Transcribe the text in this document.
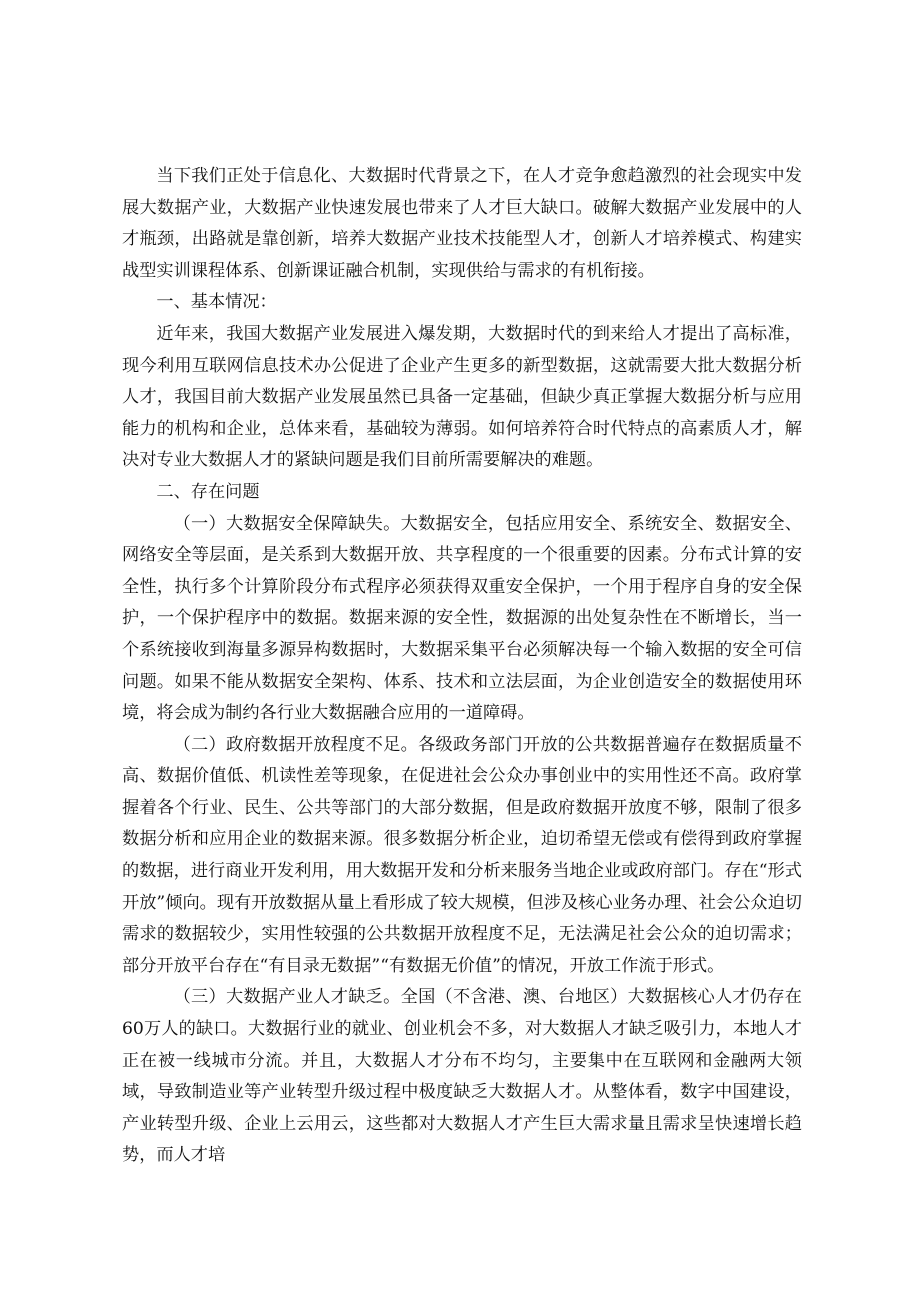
当下我们正处于信息化、大数据时代背景之下，在人才竞争愈趋激烈的社会现实中发展大数据产业，大数据产业快速发展也带来了人才巨大缺口。破解大数据产业发展中的人才瓶颈，出路就是靠创新，培养大数据产业技术技能型人才，创新人才培养模式、构建实战型实训课程体系、创新课证融合机制，实现供给与需求的有机衔接。

一、基本情况：

近年来，我国大数据产业发展进入爆发期，大数据时代的到来给人才提出了高标准，现今利用互联网信息技术办公促进了企业产生更多的新型数据，这就需要大批大数据分析人才，我国目前大数据产业发展虽然已具备一定基础，但缺少真正掌握大数据分析与应用能力的机构和企业，总体来看，基础较为薄弱。如何培养符合时代特点的高素质人才，解决对专业大数据人才的紧缺问题是我们目前所需要解决的难题。

二、存在问题

（一）大数据安全保障缺失。大数据安全，包括应用安全、系统安全、数据安全、网络安全等层面，是关系到大数据开放、共享程度的一个很重要的因素。分布式计算的安全性，执行多个计算阶段分布式程序必须获得双重安全保护，一个用于程序自身的安全保护，一个保护程序中的数据。数据来源的安全性，数据源的出处复杂性在不断增长，当一个系统接收到海量多源异构数据时，大数据采集平台必须解决每一个输入数据的安全可信问题。如果不能从数据安全架构、体系、技术和立法层面，为企业创造安全的数据使用环境，将会成为制约各行业大数据融合应用的一道障碍。

（二）政府数据开放程度不足。各级政务部门开放的公共数据普遍存在数据质量不高、数据价值低、机读性差等现象，在促进社会公众办事创业中的实用性还不高。政府掌握着各个行业、民生、公共等部门的大部分数据，但是政府数据开放度不够，限制了很多数据分析和应用企业的数据来源。很多数据分析企业，迫切希望无偿或有偿得到政府掌握的数据，进行商业开发利用，用大数据开发和分析来服务当地企业或政府部门。存在“形式开放”倾向。现有开放数据从量上看形成了较大规模，但涉及核心业务办理、社会公众迫切需求的数据较少，实用性较强的公共数据开放程度不足，无法满足社会公众的迫切需求；部分开放平台存在“有目录无数据”“有数据无价值”的情况，开放工作流于形式。

（三）大数据产业人才缺乏。全国（不含港、澳、台地区）大数据核心人才仍存在60万人的缺口。大数据行业的就业、创业机会不多，对大数据人才缺乏吸引力，本地人才正在被一线城市分流。并且，大数据人才分布不均匀，主要集中在互联网和金融两大领域，导致制造业等产业转型升级过程中极度缺乏大数据人才。从整体看，数字中国建设，产业转型升级、企业上云用云，这些都对大数据人才产生巨大需求量且需求呈快速增长趋势，而人才培
